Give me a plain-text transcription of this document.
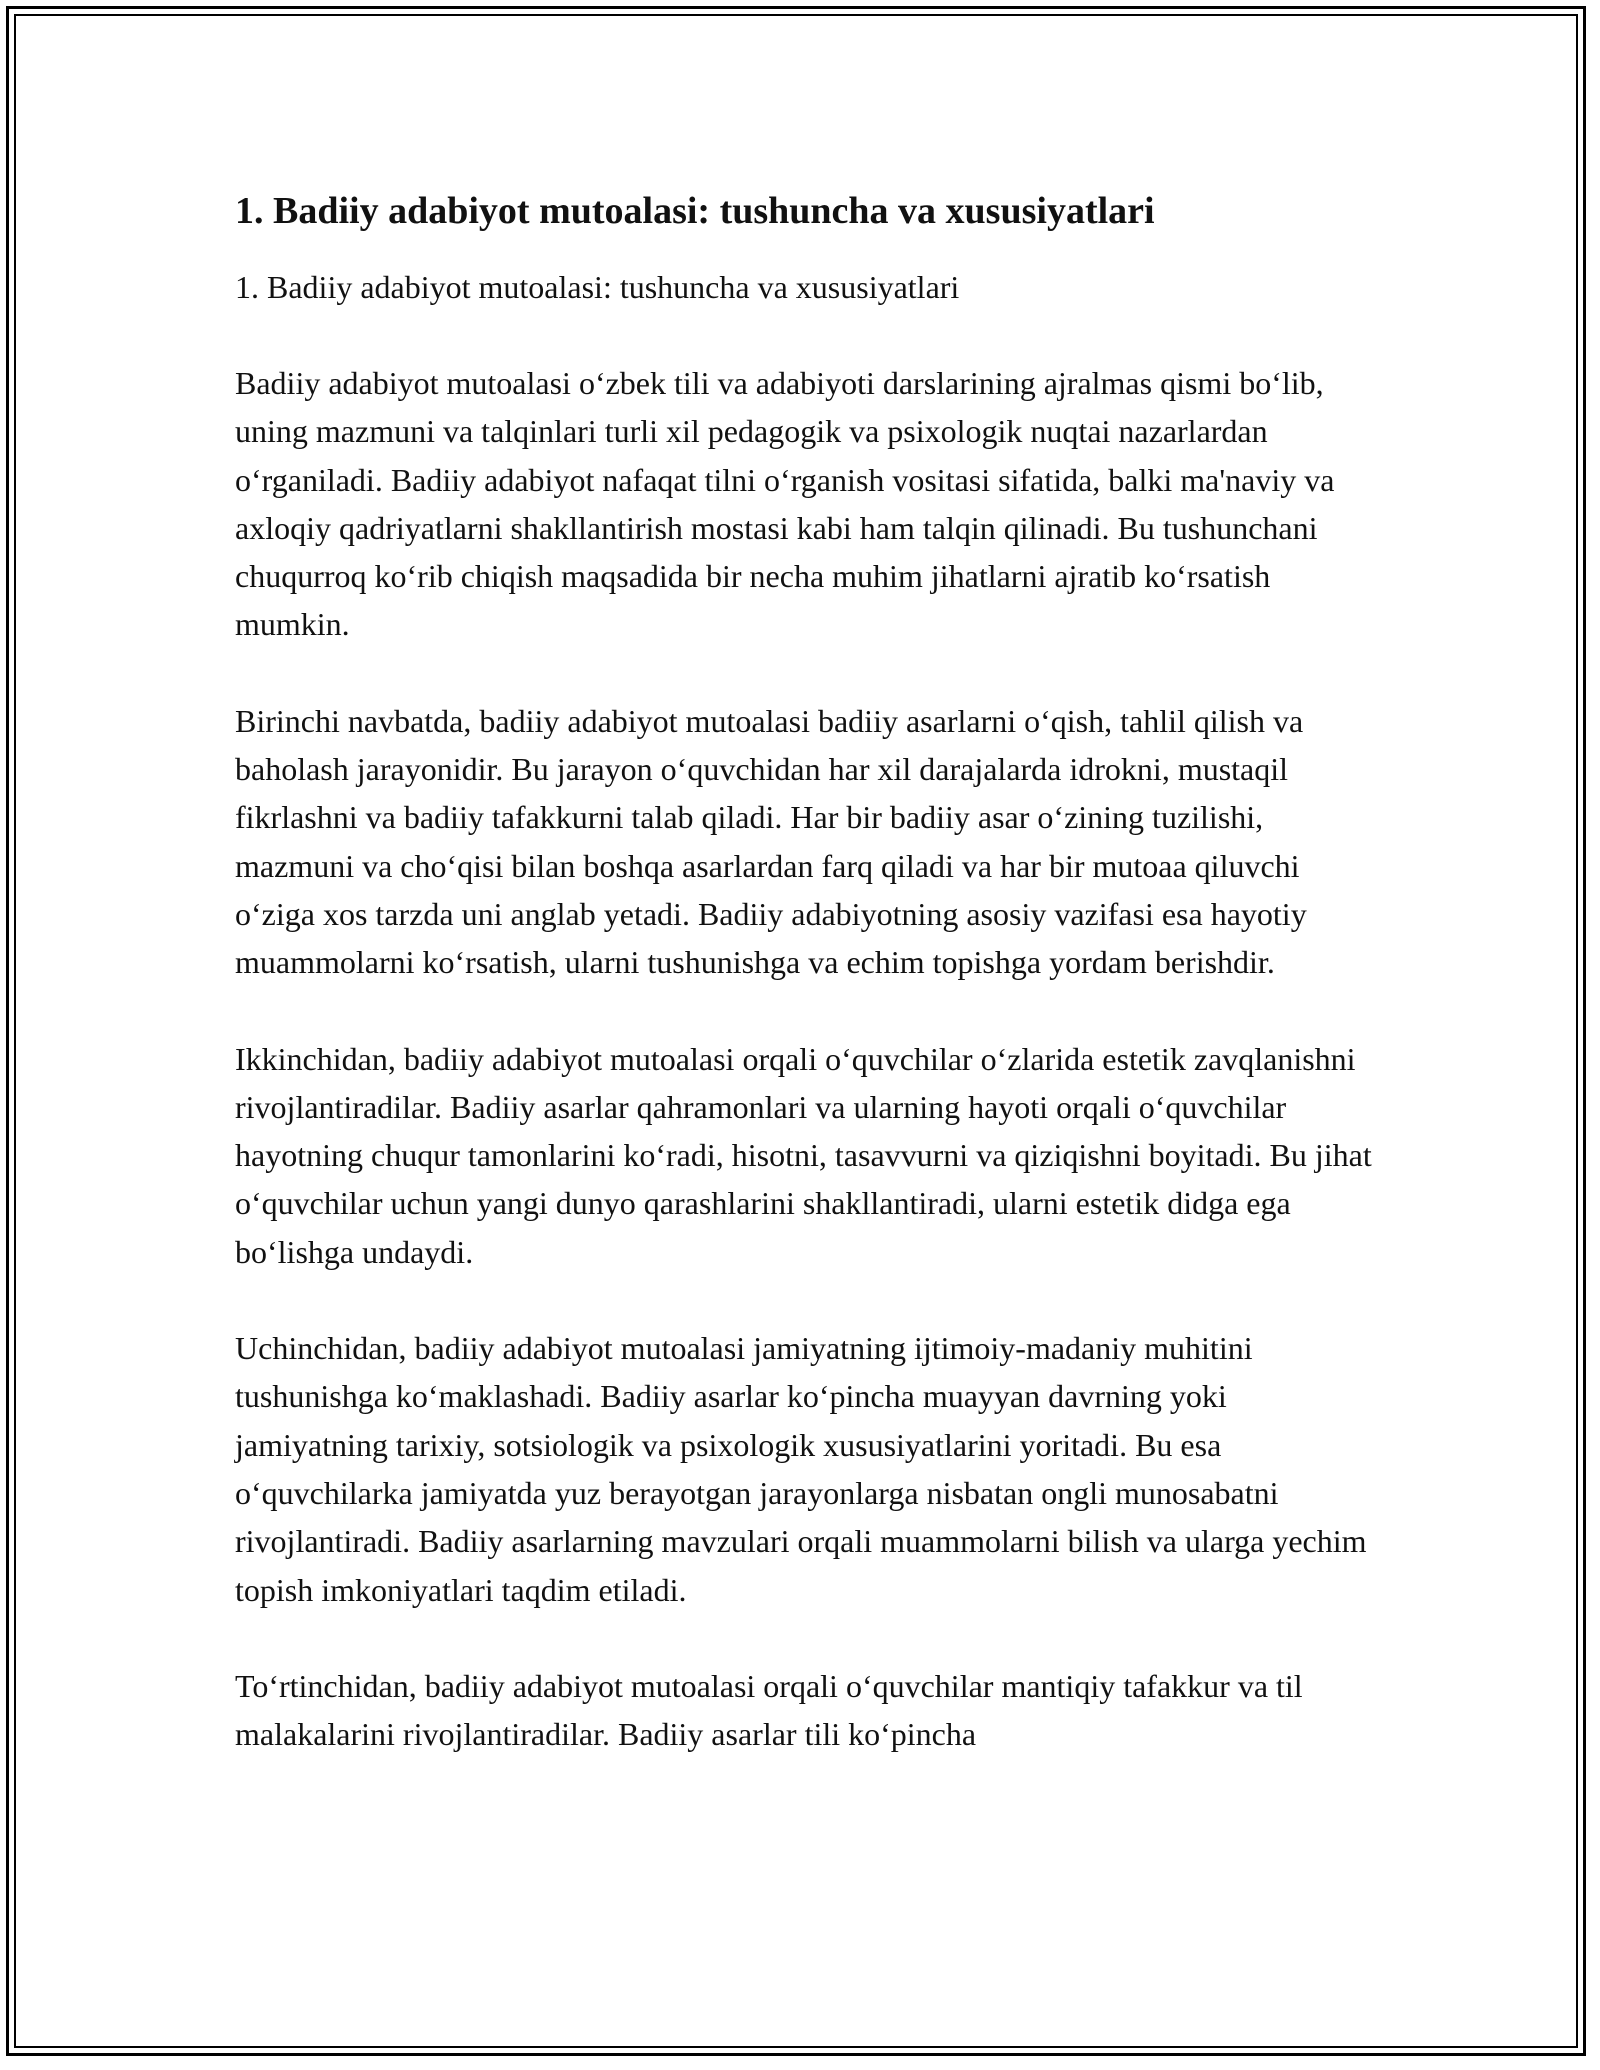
1. Badiiy adabiyot mutoalasi: tushuncha va xususiyatlari

1. Badiiy adabiyot mutoalasi: tushuncha va xususiyatlari

Badiiy adabiyot mutoalasi o‘zbek tili va adabiyoti darslarining ajralmas qismi bo‘lib, uning mazmuni va talqinlari turli xil pedagogik va psixologik nuqtai nazarlardan o‘rganiladi. Badiiy adabiyot nafaqat tilni o‘rganish vositasi sifatida, balki ma'naviy va axloqiy qadriyatlarni shakllantirish mostasi kabi ham talqin qilinadi. Bu tushunchani chuqurroq ko‘rib chiqish maqsadida bir necha muhim jihatlarni ajratib ko‘rsatish mumkin.

Birinchi navbatda, badiiy adabiyot mutoalasi badiiy asarlarni o‘qish, tahlil qilish va baholash jarayonidir. Bu jarayon o‘quvchidan har xil darajalarda idrokni, mustaqil fikrlashni va badiiy tafakkurni talab qiladi. Har bir badiiy asar o‘zining tuzilishi, mazmuni va cho‘qisi bilan boshqa asarlardan farq qiladi va har bir mutoaa qiluvchi o‘ziga xos tarzda uni anglab yetadi. Badiiy adabiyotning asosiy vazifasi esa hayotiy muammolarni ko‘rsatish, ularni tushunishga va echim topishga yordam berishdir.

Ikkinchidan, badiiy adabiyot mutoalasi orqali o‘quvchilar o‘zlarida estetik zavqlanishni rivojlantiradilar. Badiiy asarlar qahramonlari va ularning hayoti orqali o‘quvchilar hayotning chuqur tamonlarini ko‘radi, hisotni, tasavvurni va qiziqishni boyitadi. Bu jihat o‘quvchilar uchun yangi dunyo qarashlarini shakllantiradi, ularni estetik didga ega bo‘lishga undaydi.

Uchinchidan, badiiy adabiyot mutoalasi jamiyatning ijtimoiy-madaniy muhitini tushunishga ko‘maklashadi. Badiiy asarlar ko‘pincha muayyan davrning yoki jamiyatning tarixiy, sotsiologik va psixologik xususiyatlarini yoritadi. Bu esa o‘quvchilarka jamiyatda yuz berayotgan jarayonlarga nisbatan ongli munosabatni rivojlantiradi. Badiiy asarlarning mavzulari orqali muammolarni bilish va ularga yechim topish imkoniyatlari taqdim etiladi.

To‘rtinchidan, badiiy adabiyot mutoalasi orqali o‘quvchilar mantiqiy tafakkur va til malakalarini rivojlantiradilar. Badiiy asarlar tili ko‘pincha
